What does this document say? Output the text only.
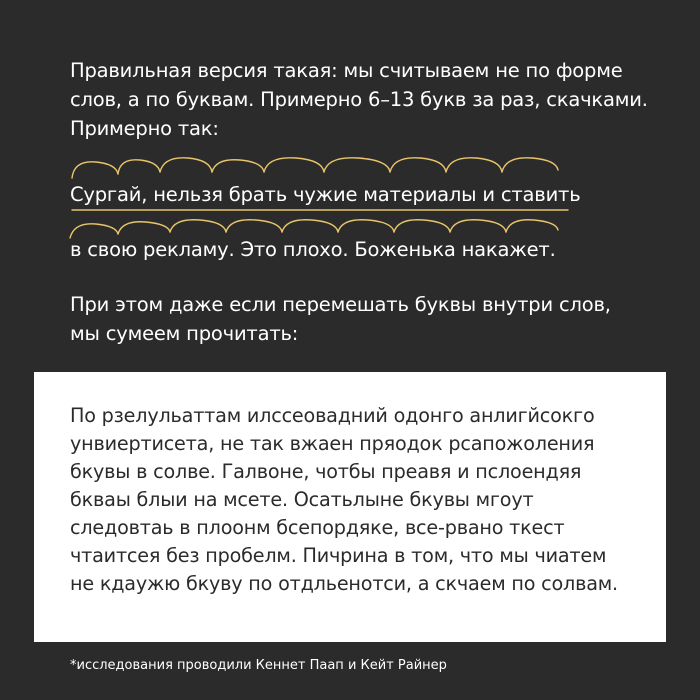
Правильная версия такая: мы считываем не по форме
слов, а по буквам. Примерно 6–13 букв за раз, скачками.
Примерно так:

Сургай, нельзя брать чужие материалы и ставить

в свою рекламу. Это плохо. Боженька накажет.

При этом даже если перемешать буквы внутри слов,
мы сумеем прочитать:
По рзелульаттам илссеовадний одонго анлигйсокго
унвиертисета, не так вжаен пряодок рсапожоления
бкувы в солве. Галвоне, чотбы преавя и пслоендяя
бкваы блыи на мсете. Осатьлыне бкувы мгоут
следовтаь в плоонм бсепордяке, все-рвано ткест
чтаитсея без пробелм. Пичрина в том, что мы чиатем
не кдаужю бкуву по отдльенотси, а скчаем по солвам.

*исследования проводили Кеннет Паап и Кейт Райнер
